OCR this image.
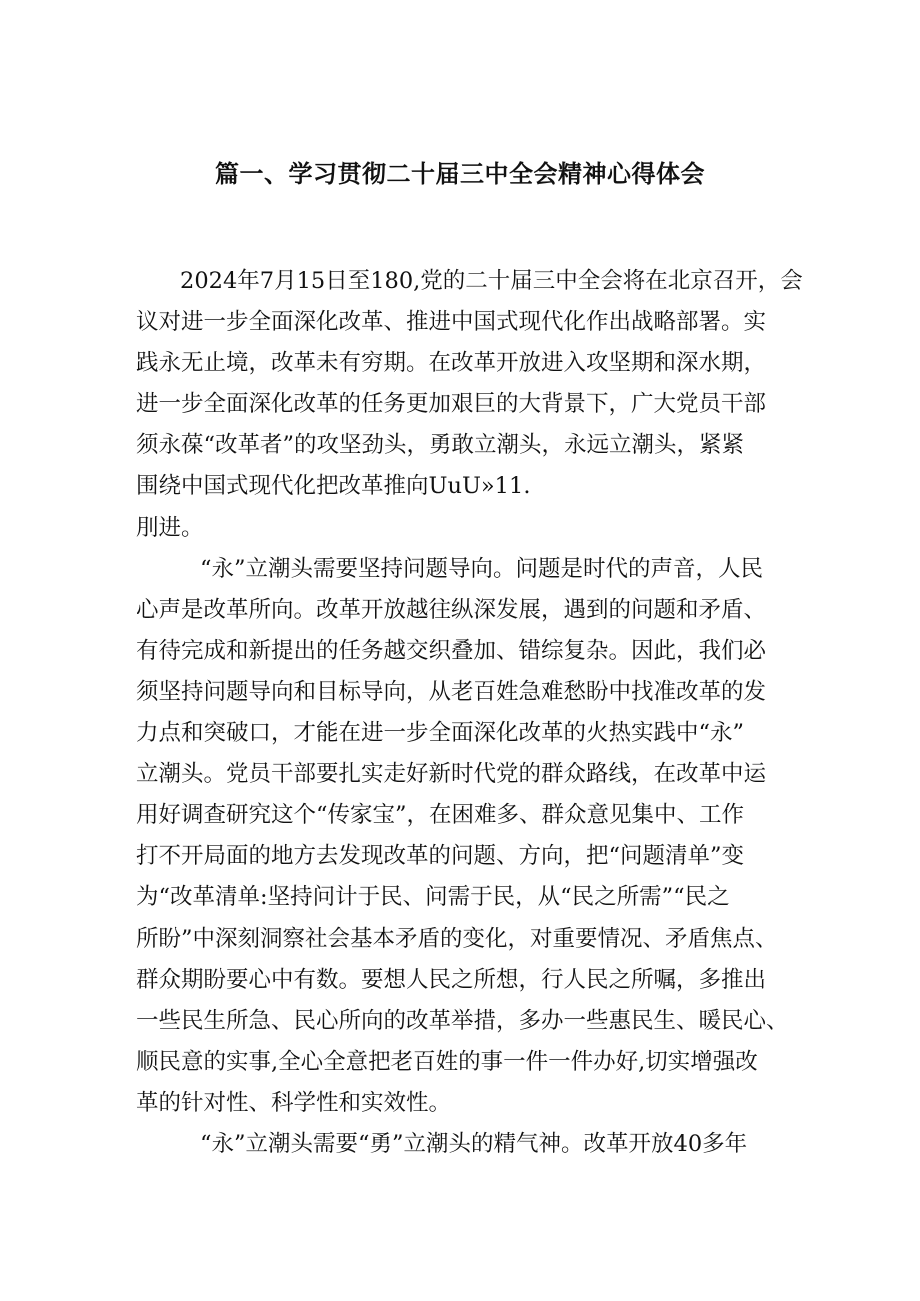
篇一、学习贯彻二十届三中全会精神心得体会
2024年7月15日至180,党的二十届三中全会将在北京召开，会
议对进一步全面深化改革、推进中国式现代化作出战略部署。实
践永无止境，改革未有穷期。在改革开放进入攻坚期和深水期，
进一步全面深化改革的任务更加艰巨的大背景下，广大党员干部
须永葆“改革者”的攻坚劲头，勇敢立潮头，永远立潮头，紧紧
围绕中国式现代化把改革推向UuU»11.
刖进。
“永”立潮头需要坚持问题导向。问题是时代的声音，人民
心声是改革所向。改革开放越往纵深发展，遇到的问题和矛盾、
有待完成和新提出的任务越交织叠加、错综复杂。因此，我们必
须坚持问题导向和目标导向，从老百姓急难愁盼中找准改革的发
力点和突破口，才能在进一步全面深化改革的火热实践中“永”
立潮头。党员干部要扎实走好新时代党的群众路线，在改革中运
用好调查研究这个“传家宝”，在困难多、群众意见集中、工作
打不开局面的地方去发现改革的问题、方向，把“问题清单”变
为“改革清单:坚持问计于民、问需于民，从“民之所需”“民之
所盼”中深刻洞察社会基本矛盾的变化，对重要情况、矛盾焦点、
群众期盼要心中有数。要想人民之所想，行人民之所嘱，多推出
一些民生所急、民心所向的改革举措，多办一些惠民生、暖民心、
顺民意的实事,全心全意把老百姓的事一件一件办好,切实增强改
革的针对性、科学性和实效性。
“永”立潮头需要“勇”立潮头的精气神。改革开放40多年
